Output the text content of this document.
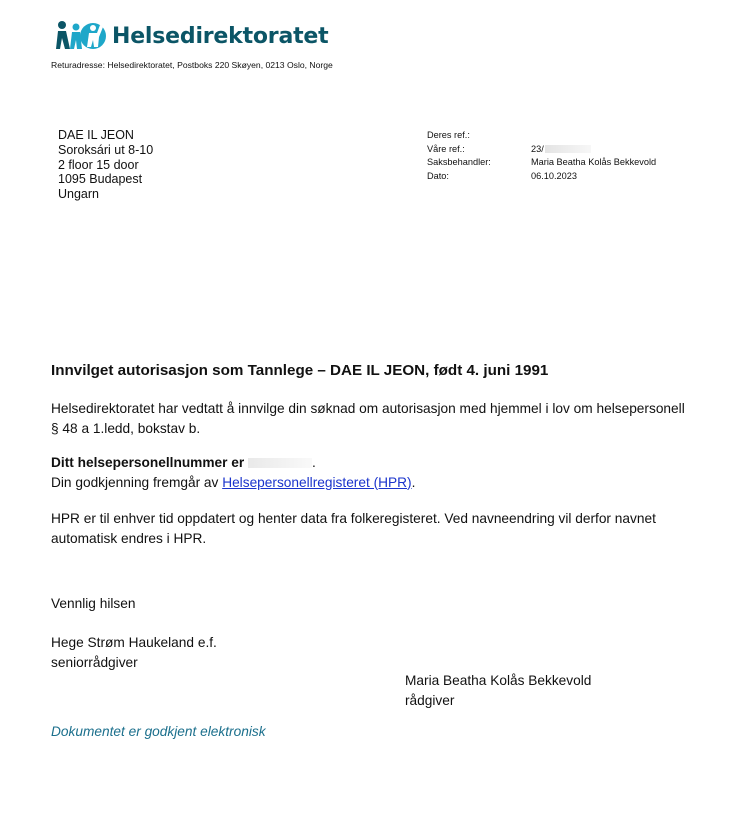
Helsedirektoratet
Returadresse: Helsedirektoratet, Postboks 220 Skøyen, 0213 Oslo, Norge
DAE IL JEON
Soroksári ut 8-10
2 floor 15 door
1095 Budapest
Ungarn
Deres ref.:
Våre ref.:	23/
Saksbehandler:	Maria Beatha Kolås Bekkevold
Dato:	06.10.2023
Innvilget autorisasjon som Tannlege – DAE IL JEON, født 4. juni 1991
Helsedirektoratet har vedtatt å innvilge din søknad om autorisasjon med hjemmel i lov om helsepersonell § 48 a 1.ledd, bokstav b.
Ditt helsepersonellnummer er	.
Din godkjenning fremgår av Helsepersonellregisteret (HPR).
HPR er til enhver tid oppdatert og henter data fra folkeregisteret. Ved navneendring vil derfor navnet automatisk endres i HPR.
Vennlig hilsen
Hege Strøm Haukeland e.f.
seniorrådgiver
Maria Beatha Kolås Bekkevold
rådgiver
Dokumentet er godkjent elektronisk
